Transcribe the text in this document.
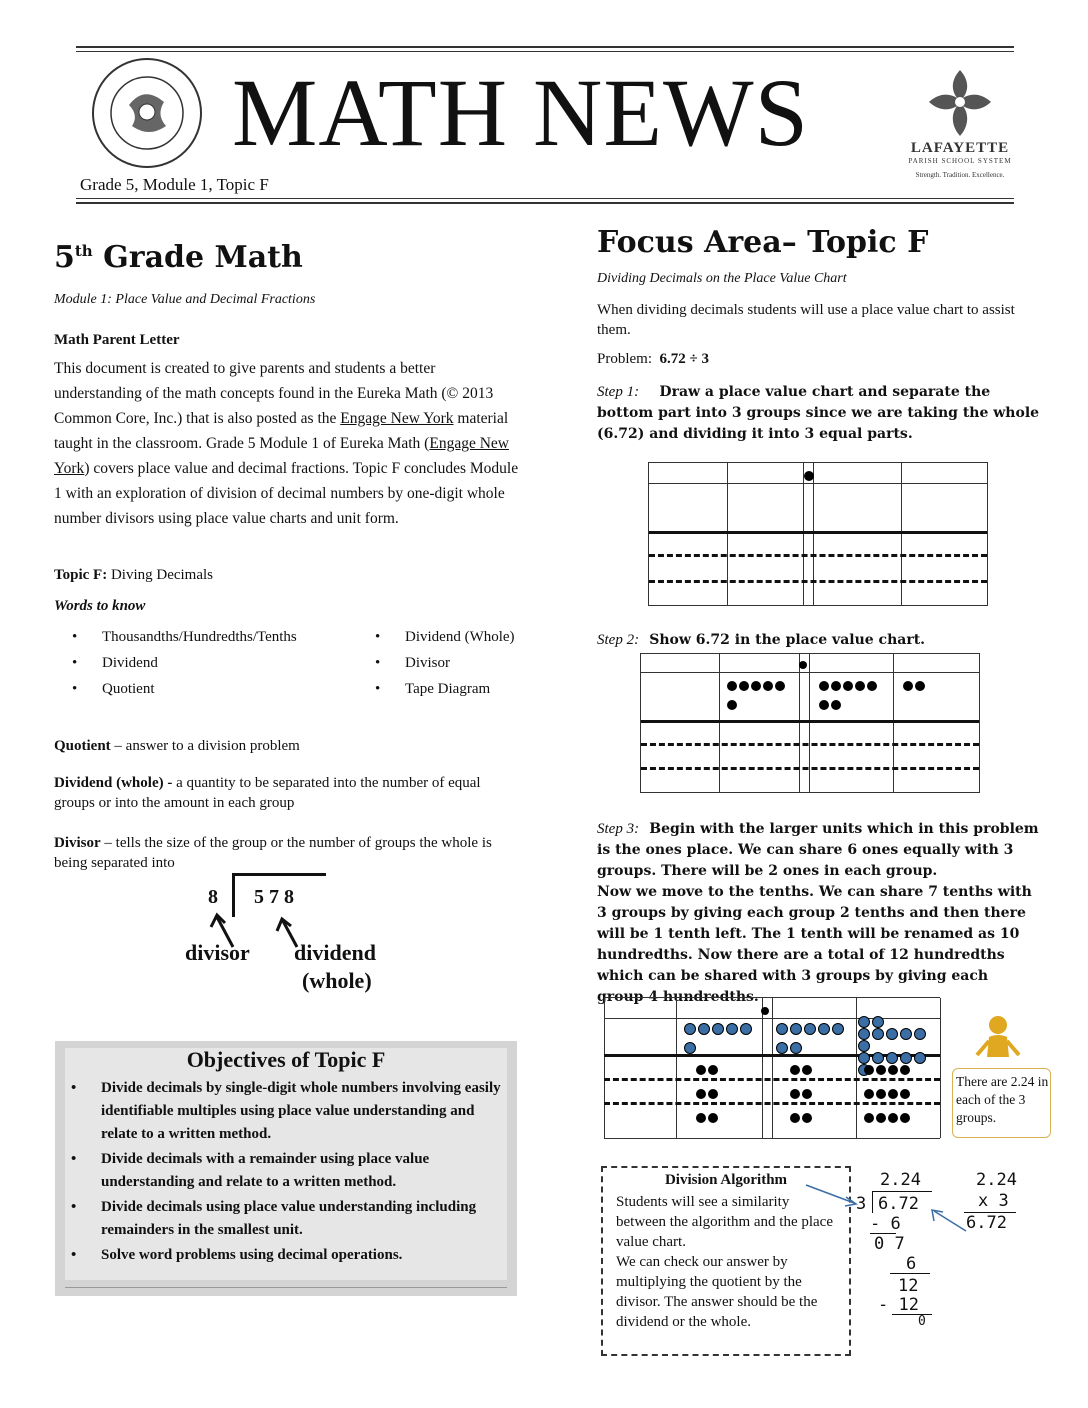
MATH NEWS
Grade 5, Module 1, Topic F
LAFAYETTE
PARISH SCHOOL SYSTEM
Strength. Tradition. Excellence.
5th Grade Math
Module 1: Place Value and Decimal Fractions
Math Parent Letter
This document is created to give parents and students a better understanding of the math concepts found in the Eureka Math (© 2013 Common Core, Inc.) that is also posted as the Engage New York material taught in the classroom. Grade 5 Module 1 of Eureka Math (Engage New York) covers place value and decimal fractions. Topic F concludes Module 1 with an exploration of division of decimal numbers by one-digit whole number divisors using place value charts and unit form.
Topic F: Diving Decimals
Words to know
• Thousandths/Hundredths/Tenths
• Dividend
• Quotient
• Dividend (Whole)
• Divisor
• Tape Diagram
Quotient – answer to a division problem
Dividend (whole) - a quantity to be separated into the number of equal groups or into the amount in each group
Divisor – tells the size of the group or the number of groups the whole is being separated into
8 5 7 8
divisor dividend
(whole)
Objectives of Topic F
• Divide decimals by single-digit whole numbers involving easily identifiable multiples using place value understanding and relate to a written method.
• Divide decimals with a remainder using place value understanding and relate to a written method.
• Divide decimals using place value understanding including remainders in the smallest unit.
• Solve word problems using decimal operations.
Focus Area– Topic F
Dividing Decimals on the Place Value Chart
When dividing decimals students will use a place value chart to assist them.
Problem: 6.72 ÷ 3
Step 1: Draw a place value chart and separate the bottom part into 3 groups since we are taking the whole (6.72) and dividing it into 3 equal parts.
Step 2: Show 6.72 in the place value chart.

Step 3: Begin with the larger units which in this problem is the ones place. We can share 6 ones equally with 3 groups. There will be 2 ones in each group.
Now we move to the tenths. We can share 7 tenths with 3 groups by giving each group 2 tenths and then there will be 1 tenth left. The 1 tenth will be renamed as 10 hundredths. Now there are a total of 12 hundredths which can be shared with 3 groups by giving each group 4 hundredths.

There are 2.24 in each of the 3 groups.
Division Algorithm
Students will see a similarity between the algorithm and the place value chart.
We can check our answer by multiplying the quotient by the divisor. The answer should be the dividend or the whole.
2.24
3 6.72
- 6
0 7
6
12
- 12
0
2.24
x 3
6.72
